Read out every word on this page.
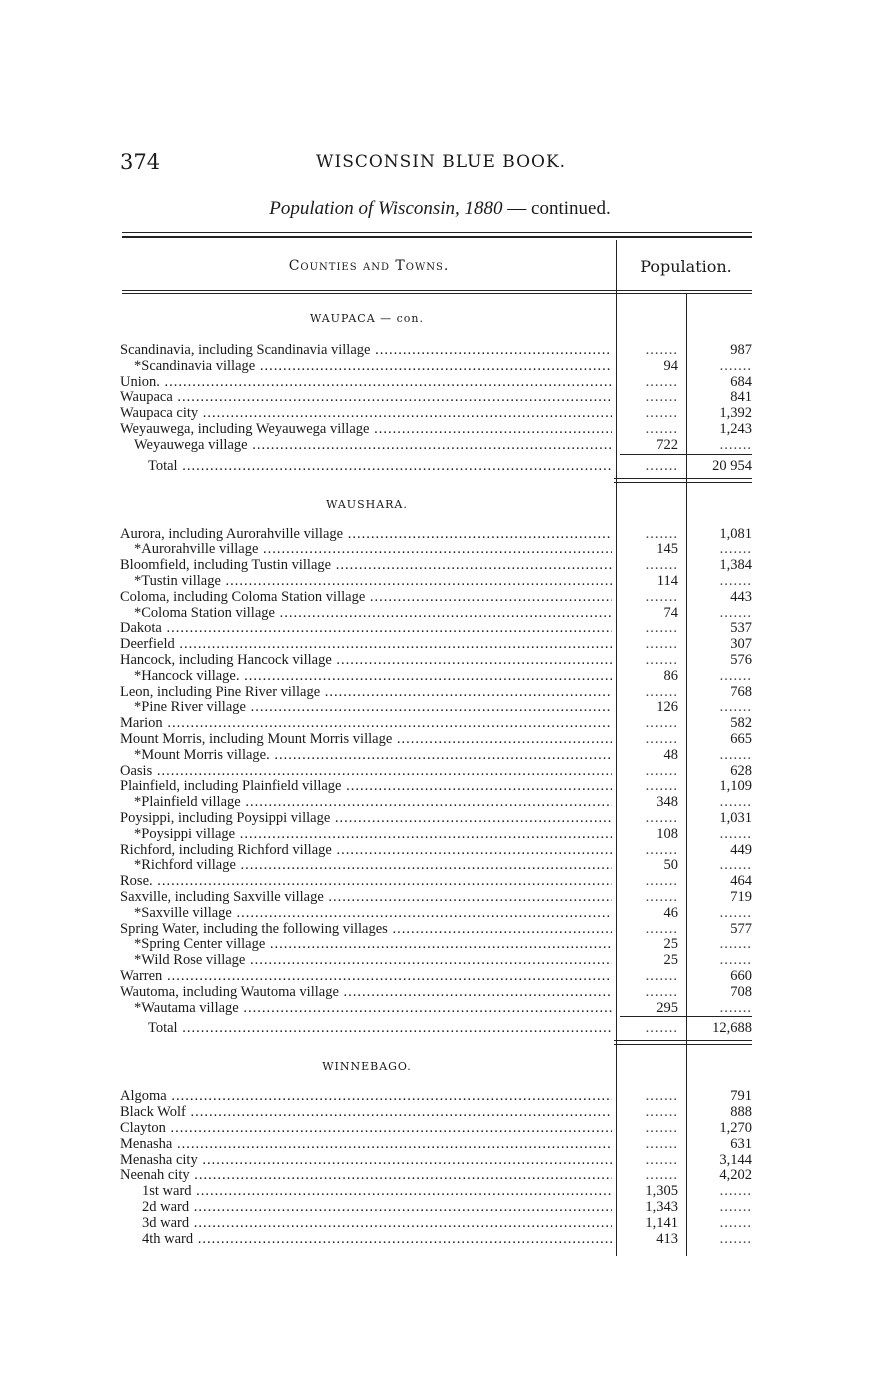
374	WISCONSIN BLUE BOOK.
Population of Wisconsin, 1880 — continued.
Counties and Towns.	Population.
WAUPACA — con.
Scandinavia, including Scandinavia village .....	.......	987
*Scandinavia village .....	94	.......
Union. .....	.......	684
Waupaca .....	.......	841
Waupaca city .....	.......	1,392
Weyauwega, including Weyauwega village .....	.......	1,243
Weyauwega village .....	722	.......
Total .....	.......	20 954
WAUSHARA.
Aurora, including Aurorahville village .....	.......	1,081
*Aurorahville village .....	145	.......
Bloomfield, including Tustin village .....	.......	1,384
*Tustin village .....	114	.......
Coloma, including Coloma Station village .....	.......	443
*Coloma Station village .....	74	.......
Dakota .....	.......	537
Deerfield .....	.......	307
Hancock, including Hancock village .....	.......	576
*Hancock village. .....	86	.......
Leon, including Pine River village .....	.......	768
*Pine River village .....	126	.......
Marion .....	.......	582
Mount Morris, including Mount Morris village .....	.......	665
*Mount Morris village. .....	48	.......
Oasis .....	.......	628
Plainfield, including Plainfield village .....	.......	1,109
*Plainfield village .....	348	.......
Poysippi, including Poysippi village .....	.......	1,031
*Poysippi village .....	108	.......
Richford, including Richford village .....	.......	449
*Richford village .....	50	.......
Rose. .....	.......	464
Saxville, including Saxville village .....	.......	719
*Saxville village .....	46	.......
Spring Water, including the following villages .....	.......	577
*Spring Center village .....	25	.......
*Wild Rose village .....	25	.......
Warren .....	.......	660
Wautoma, including Wautoma village .....	.......	708
*Wautama village .....	295	.......
Total .....	.......	12,688
WINNEBAGO.
Algoma .....	.......	791
Black Wolf .....	.......	888
Clayton .....	.......	1,270
Menasha .....	.......	631
Menasha city .....	.......	3,144
Neenah city .....	.......	4,202
1st ward .....	1,305	.......
2d ward .....	1,343	.......
3d ward .....	1,141	.......
4th ward .....	413	.......
